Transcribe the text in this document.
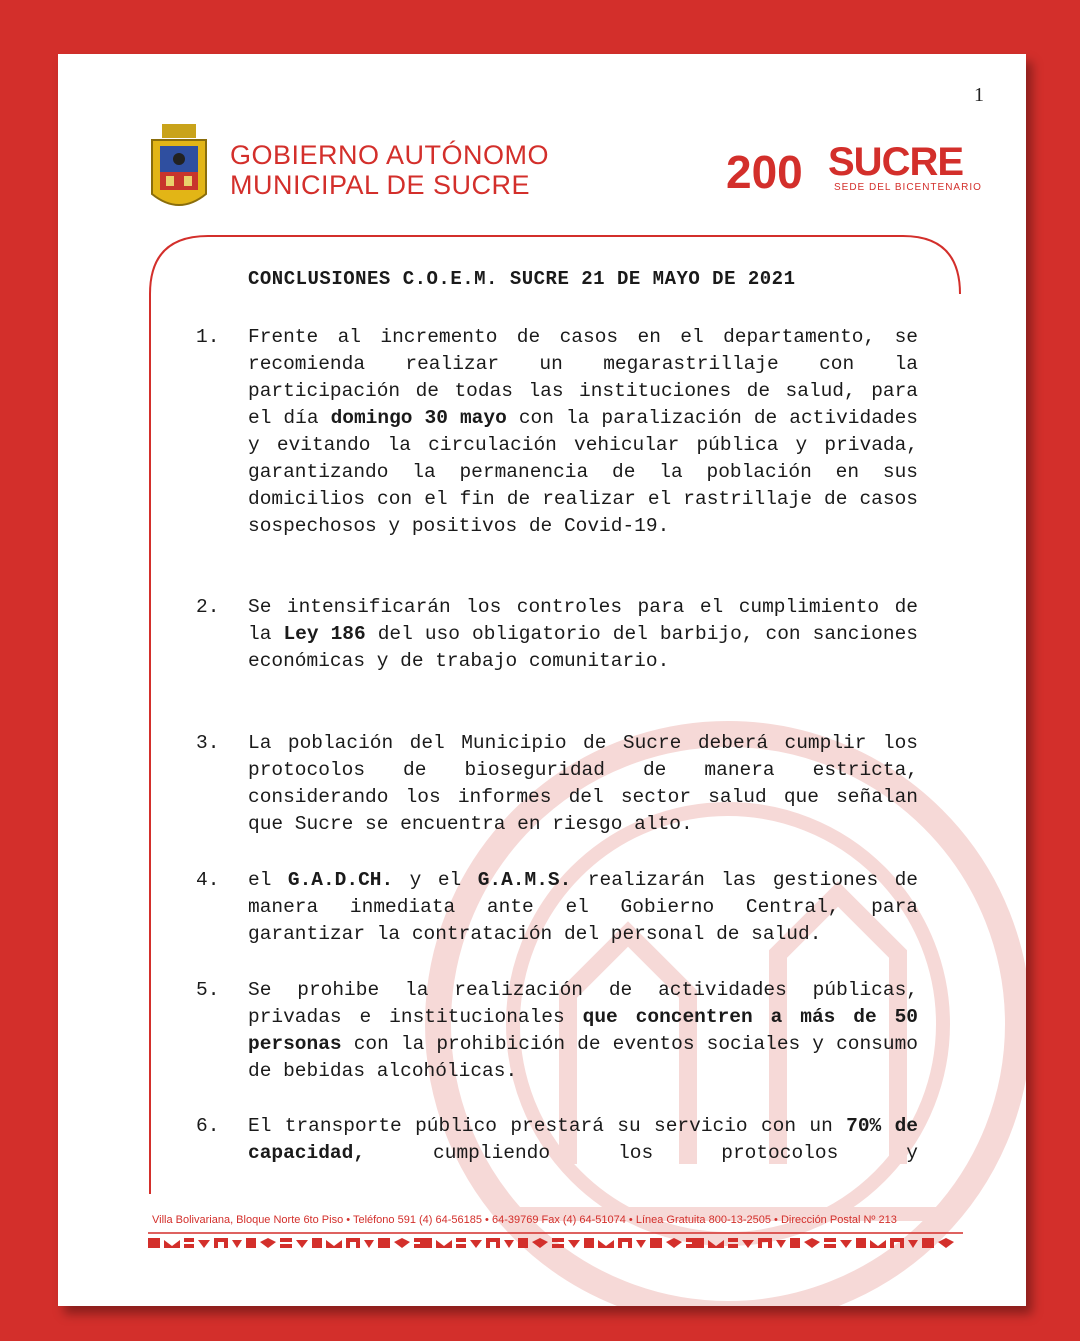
1
GOBIERNO AUTÓNOMO
MUNICIPAL DE SUCRE	200 SUCRE
SEDE DEL BICENTENARIO
CONCLUSIONES C.O.E.M. SUCRE 21 DE MAYO DE 2021
1. Frente al incremento de casos en el departamento, se recomienda realizar un megarastrillaje con la participación de todas las instituciones de salud, para el día domingo 30 mayo con la paralización de actividades y evitando la circulación vehicular pública y privada, garantizando la permanencia de la población en sus domicilios con el fin de realizar el rastrillaje de casos sospechosos y positivos de Covid-19.
2. Se intensificarán los controles para el cumplimiento de la Ley 186 del uso obligatorio del barbijo, con sanciones económicas y de trabajo comunitario.
3. La población del Municipio de Sucre deberá cumplir los protocolos de bioseguridad de manera estricta, considerando los informes del sector salud que señalan que Sucre se encuentra en riesgo alto.
4. el G.A.D.CH. y el G.A.M.S. realizarán las gestiones de manera inmediata ante el Gobierno Central, para garantizar la contratación del personal de salud.
5. Se prohibe la realización de actividades públicas, privadas e institucionales que concentren a más de 50 personas con la prohibición de eventos sociales y consumo de bebidas alcohólicas.
6. El transporte público prestará su servicio con un 70% de capacidad, cumpliendo los protocolos y
Villa Bolivariana, Bloque Norte 6to Piso • Teléfono 591 (4) 64-56185 • 64-39769 Fax (4) 64-51074 • Línea Gratuita 800-13-2505 • Dirección Postal Nº 213
